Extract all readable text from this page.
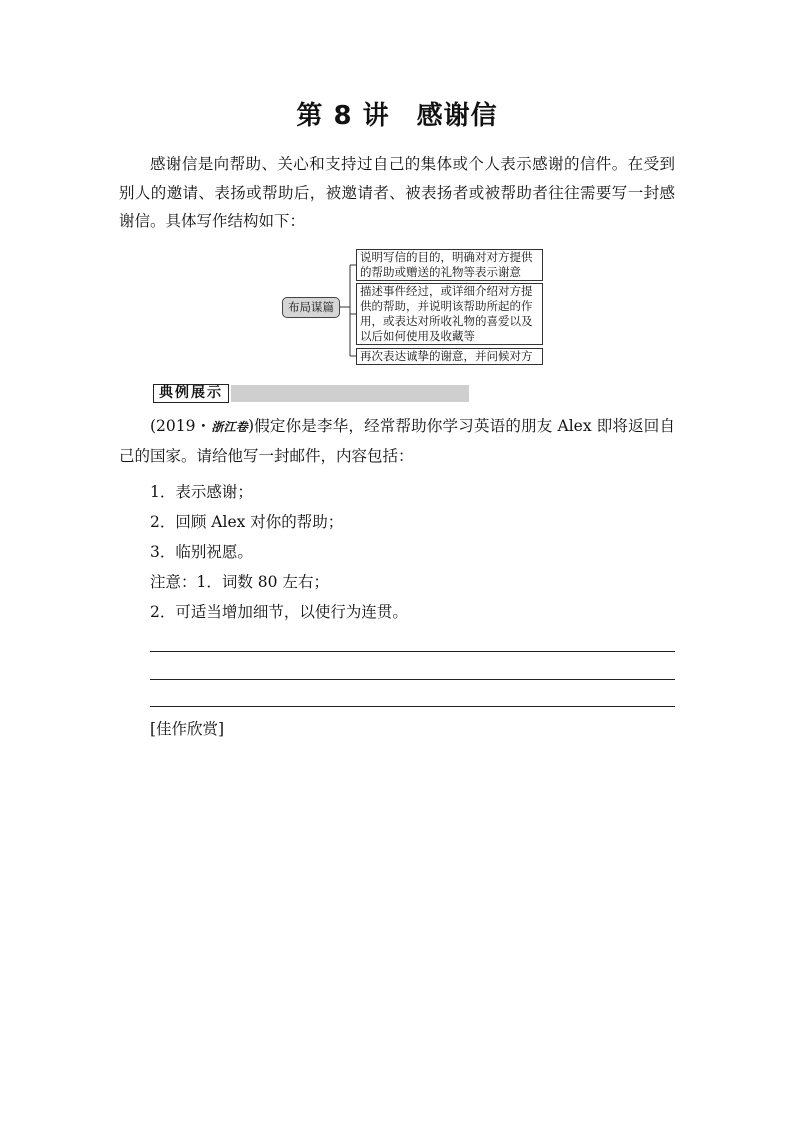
第 8 讲　感谢信

感谢信是向帮助、关心和支持过自己的集体或个人表示感谢的信件。在受到别人的邀请、表扬或帮助后，被邀请者、被表扬者或被帮助者往往需要写一封感谢信。具体写作结构如下：

布局谋篇
说明写信的目的，明确对对方提供的帮助或赠送的礼物等表示谢意
描述事件经过，或详细介绍对方提供的帮助，并说明该帮助所起的作用，或表达对所收礼物的喜爱以及以后如何使用及收藏等
再次表达诚挚的谢意，并问候对方
典例展示

(2019・浙江卷)假定你是李华，经常帮助你学习英语的朋友 Alex 即将返回自己的国家。请给他写一封邮件，内容包括：

1．表示感谢；
2．回顾 Alex 对你的帮助；
3．临别祝愿。
注意：1．词数 80 左右；
2．可适当增加细节，以使行为连贯。
[佳作欣赏]
